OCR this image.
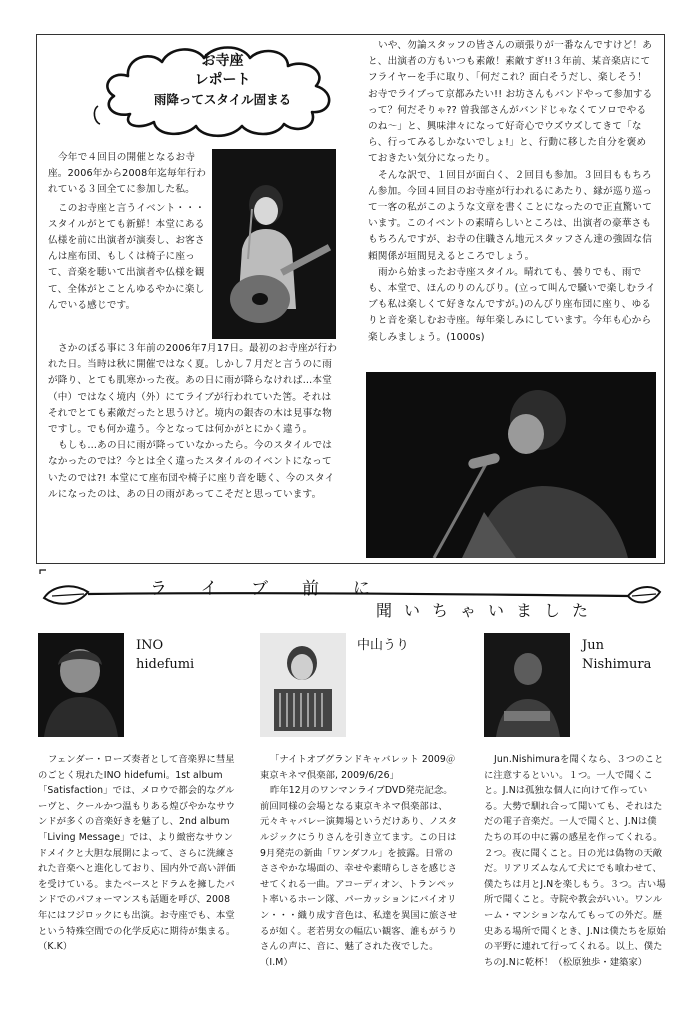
お寺座
レポート
雨降ってスタイル固まる
今年で４回目の開催となるお寺座。2006年から2008年迄毎年行われている３回全てに参加した私。
このお寺座と言うイベント・・・スタイルがとても新鮮！本堂にある仏様を前に出演者が演奏し、お客さんは座布団、もしくは椅子に座って、音楽を聴いて出演者や仏様を観て、全体がとことんゆるやかに楽しんでいる感じです。
さかのぼる事に３年前の2006年7月17日。最初のお寺座が行われた日。当時は秋に開催ではなく夏。しかし７月だと言うのに雨が降り、とても肌寒かった夜。あの日に雨が降らなければ…本堂（中）ではなく境内（外）にてライブが行われていた筈。それはそれでとても素敵だったと思うけど。境内の銀杏の木は見事な物ですし。でも何か違う。今となっては何かがとにかく違う。
もしも…あの日に雨が降っていなかったら。今のスタイルではなかったのでは？今とは全く違ったスタイルのイベントになっていたのでは?! 本堂にて座布団や椅子に座り音を聴く、今のスタイルになったのは、あの日の雨があってこそだと思っています。
いや、勿論スタッフの皆さんの頑張りが一番なんですけど！あと、出演者の方もいつも素敵！素敵すぎ!!３年前、某音楽店にてフライヤーを手に取り、「何だこれ？面白そうだし、楽しそう！お寺でライブって京都みたい!! お坊さんもバンドやって参加するって？何だそりゃ?? 曽我部さんがバンドじゃなくてソロでやるのね〜」と、興味津々になって好奇心でウズウズしてきて「なら、行ってみるしかないでしょ!」と、行動に移した自分を褒めておきたい気分になったり。
そんな訳で、１回目が面白く、２回目も参加。３回目ももちろん参加。今回４回目のお寺座が行われるにあたり、縁が巡り巡って一客の私がこのような文章を書くことになったので正直驚いています。このイベントの素晴らしいところは、出演者の豪華さももちろんですが、お寺の住職さん地元スタッフさん達の強固な信頼関係が垣間見えるところでしょう。
雨から始まったお寺座スタイル。晴れても、曇りでも、雨でも、本堂で、ほんのりのんびり。(立って叫んで騒いで楽しむライブも私は楽しくて好きなんですが。)のんびり座布団に座り、ゆるりと音を楽しむお寺座。毎年楽しみにしています。今年も心から楽しみましょう。(1000s)
ライブ前に
聞いちゃいました
INO
hidefumi
フェンダー・ローズ奏者として音楽界に彗星のごとく現れたINO hidefumi。1st album「Satisfaction」では、メロウで都会的なグルーヴと、クールかつ温もりある煌びやかなサウンドが多くの音楽好きを魅了し、2nd album「Living Message」では、より緻密なサウンドメイクと大胆な展開によって、さらに洗練された音楽へと進化しており、国内外で高い評価を受けている。またベースとドラムを擁したバンドでのパフォーマンスも話題を呼び、2008年にはフジロックにも出演。お寺座でも、本堂という特殊空間での化学反応に期待が集まる。
（K.K）
中山うり
「ナイトオブグランドキャバレット 2009＠東京キネマ倶楽部, 2009/6/26」
昨年12月のワンマンライブDVD発売記念。前回同様の会場となる東京キネマ倶楽部は、元々キャバレー演舞場というだけあり、ノスタルジックにうりさんを引き立てます。この日は9月発売の新曲「ワンダフル」を披露。日常のささやかな場面の、幸せや素晴らしさを感じさせてくれる一曲。アコーディオン、トランペット率いるホーン隊、パーカッションにバイオリン・・・織り成す音色は、私達を異国に旅させるが如く。老若男女の幅広い観客、誰もがうりさんの声に、音に、魅了された夜でした。（I.M）
Jun
Nishimura
Jun.Nishimuraを聞くなら、３つのことに注意するといい。１つ。一人で聞くこと。J.Nは孤独な個人に向けて作っている。大勢で馴れ合って聞いても、それはただの電子音楽だ。一人で聞くと、J.Nは僕たちの耳の中に霧の感星を作ってくれる。２つ。夜に聞くこと。日の光は偽物の天敵だ。リアリズムなんて犬にでも喰わせて、僕たちは月とJ.Nを楽しもう。３つ。古い場所で聞くこと。寺院や教会がいい。ワンルーム・マンションなんてもっての外だ。歴史ある場所で聞くとき、J.Nは僕たちを原始の平野に連れて行ってくれる。以上、僕たちのJ.Nに乾杯！（松原独歩・建築家）
